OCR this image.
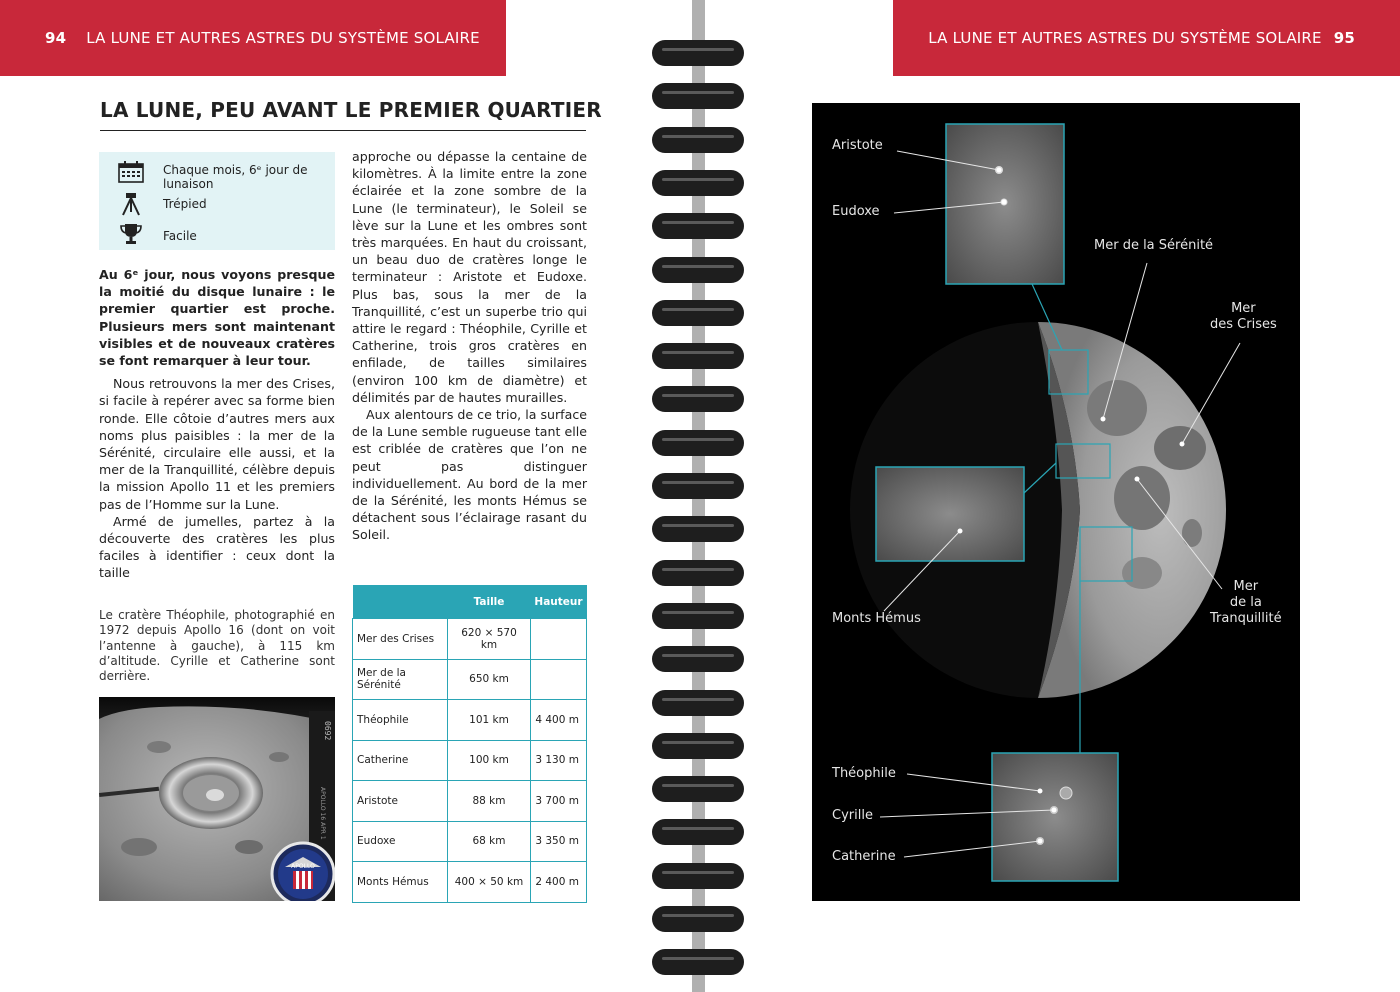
94 LA LUNE ET AUTRES ASTRES DU SYSTÈME SOLAIRE
LA LUNE, PEU AVANT LE PREMIER QUARTIER
Chaque mois, 6ᵉ jour de lunaison
Trépied
Facile

Au 6ᵉ jour, nous voyons presque la moitié du disque lunaire : le premier quartier est proche. Plusieurs mers sont maintenant visibles et de nouveaux cratères se font remarquer à leur tour.

Nous retrouvons la mer des Crises, si facile à repérer avec sa forme bien ronde. Elle côtoie d’autres mers aux noms plus paisibles : la mer de la Sérénité, circulaire elle aussi, et la mer de la Tranquillité, célèbre depuis la mission Apollo 11 et les premiers pas de l’Homme sur la Lune.

Armé de jumelles, partez à la découverte des cratères les plus faciles à identifier : ceux dont la taille

approche ou dépasse la centaine de kilomètres. À la limite entre la zone éclairée et la zone sombre de la Lune (le terminateur), le Soleil se lève sur la Lune et les ombres sont très marquées. En haut du croissant, un beau duo de cratères longe le terminateur : Aristote et Eudoxe. Plus bas, sous la mer de la Tranquillité, c’est un superbe trio qui attire le regard : Théophile, Cyrille et Catherine, trois gros cratères en enfilade, de tailles similaires (environ 100 km de diamètre) et délimités par de hautes murailles.

Aux alentours de ce trio, la surface de la Lune semble rugueuse tant elle est criblée de cratères que l’on ne peut pas distinguer individuellement. Au bord de la mer de la Sérénité, les monts Hémus se détachent sous l’éclairage rasant du Soleil.

Le cratère Théophile, photographié en 1972 depuis Apollo 16 (dont on voit l’antenne à gauche), à 115 km d’altitude. Cyrille et Catherine sont derrière.
0692
APOLLO 16 APR 1
APOLLO
	Taille	Hauteur
Mer des Crises	620 × 570 km	
Mer de la Sérénité	650 km	
Théophile	101 km	4 400 m
Catherine	100 km	3 130 m
Aristote	88 km	3 700 m
Eudoxe	68 km	3 350 m
Monts Hémus	400 × 50 km	2 400 m
LA LUNE ET AUTRES ASTRES DU SYSTÈME SOLAIRE 95
Aristote
Eudoxe
Mer de la Sérénité
Mer
des Crises
Monts Hémus
Mer
de la
Tranquillité
Théophile
Cyrille
Catherine
